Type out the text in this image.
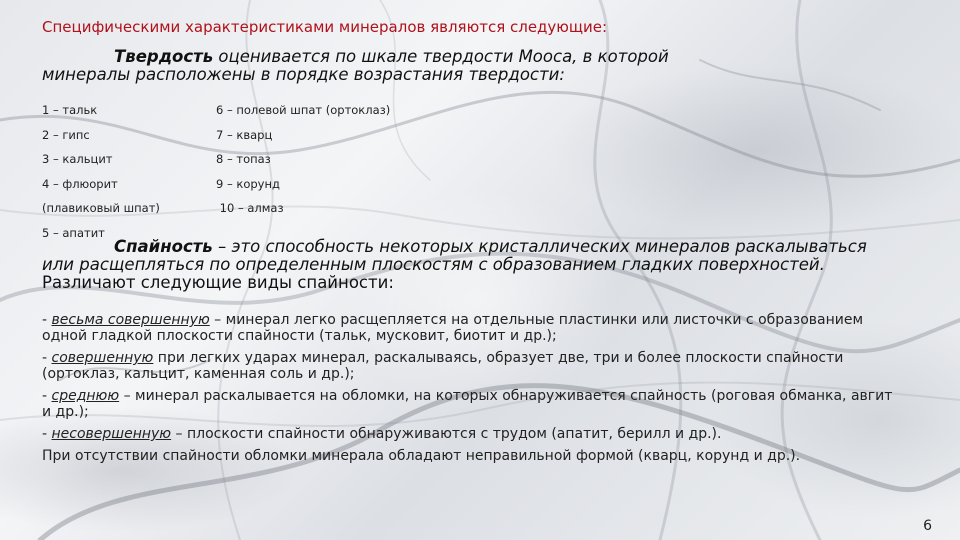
Специфическими характеристиками минералов являются следующие:
Твердость оценивается по шкале твердости Мооса, в которой
минералы расположены в порядке возрастания твердости:
1 – тальк
2 – гипс
3 – кальцит
4 – флюорит
(плавиковый шпат)
5 – апатит
6 – полевой шпат (ортоклаз)
7 – кварц
8 – топаз
9 – корунд
10 – алмаз
Спайность – это способность некоторых кристаллических минералов раскалываться или расщепляться по определенным плоскостям с образованием гладких поверхностей. Различают следующие виды спайности:
- весьма совершенную – минерал легко расщепляется на отдельные пластинки или листочки с образованием одной гладкой плоскости спайности (тальк, мусковит, биотит и др.);
- совершенную при легких ударах минерал, раскалываясь, образует две, три и более плоскости спайности (ортоклаз, кальцит, каменная соль и др.);
- среднюю – минерал раскалывается на обломки, на которых обнаруживается спайность (роговая обманка, авгит и др.);
- несовершенную – плоскости спайности обнаруживаются с трудом (апатит, берилл и др.).
При отсутствии спайности обломки минерала обладают неправильной формой (кварц, корунд и др.).
6
